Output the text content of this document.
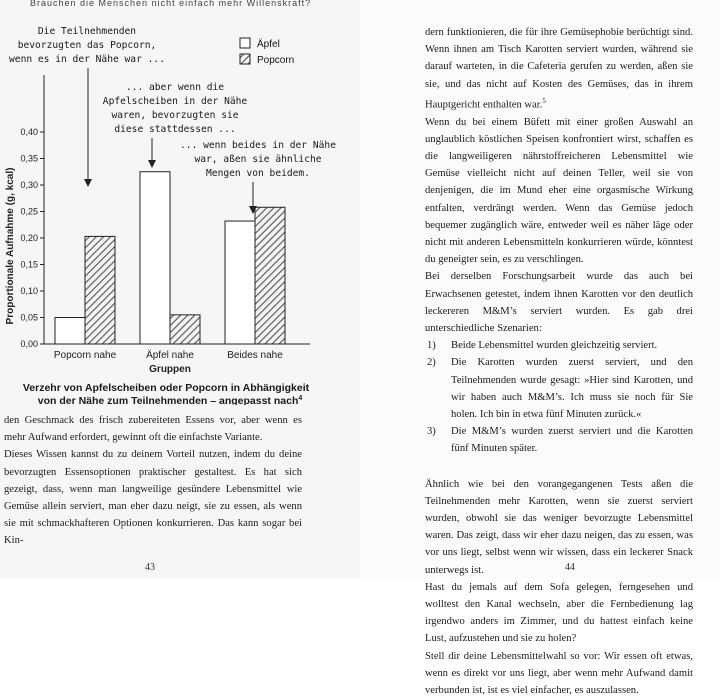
Brauchen die Menschen nicht einfach mehr Willenskraft?
Proportionale Aufnahme (g, kcal)
0,00
0,05
0,10
0,15
0,20
0,25
0,30
0,35
0,40
Popcorn nahe	Äpfel nahe	Beides nahe
Gruppen
Äpfel
Popcorn
Die Teilnehmenden
bevorzugten das Popcorn,
wenn es in der Nähe war ...
... aber wenn die
Apfelscheiben in der Nähe
waren, bevorzugten sie
diese stattdessen ...
... wenn beides in der Nähe
war, aßen sie ähnliche
Mengen von beidem.
Verzehr von Apfelscheiben oder Popcorn in Abhängigkeit
von der Nähe zum Teilnehmenden – angepasst nach$^4$

den Geschmack des frisch zubereiteten Essens vor, aber wenn es mehr Aufwand erfordert, gewinnt oft die einfachste Variante.

Dieses Wissen kannst du zu deinem Vorteil nutzen, indem du deine bevorzugten Essensoptionen praktischer gestaltest. Es hat sich gezeigt, dass, wenn man langweilige gesündere Lebensmittel wie Gemüse allein serviert, man eher dazu neigt, sie zu essen, als wenn sie mit schmackhafteren Optionen konkurrieren. Das kann sogar bei Kin-

43

dern funktionieren, die für ihre Gemüsephobie berüchtigt sind. Wenn ihnen am Tisch Karotten serviert wurden, während sie darauf warteten, in die Cafeteria gerufen zu werden, aßen sie sie, und das nicht auf Kosten des Gemüses, das in ihrem Hauptgericht enthalten war.$^5$

Wenn du bei einem Büfett mit einer großen Auswahl an unglaublich köstlichen Speisen konfrontiert wirst, schaffen es die langweiligeren nährstoffreicheren Lebensmittel wie Gemüse vielleicht nicht auf deinen Teller, weil sie von denjenigen, die im Mund eher eine orgasmische Wirkung entfalten, verdrängt werden. Wenn das Gemüse jedoch bequemer zugänglich wäre, entweder weil es näher läge oder nicht mit anderen Lebensmitteln konkurrieren würde, könntest du geneigter sein, es zu verschlingen.

Bei derselben Forschungsarbeit wurde das auch bei Erwachsenen getestet, indem ihnen Karotten vor den deutlich leckereren M&M’s serviert wurden. Es gab drei unterschiedliche Szenarien:

1) Beide Lebensmittel wurden gleichzeitig serviert.
2) Die Karotten wurden zuerst serviert, und den Teilnehmenden wurde gesagt: »Hier sind Karotten, und wir haben auch M&M’s. Ich muss sie noch für Sie holen. Ich bin in etwa fünf Minuten zurück.«
3) Die M&M’s wurden zuerst serviert und die Karotten fünf Minuten später.

Ähnlich wie bei den vorangegangenen Tests aßen die Teilnehmenden mehr Karotten, wenn sie zuerst serviert wurden, obwohl sie das weniger bevorzugte Lebensmittel waren. Das zeigt, dass wir eher dazu neigen, das zu essen, was vor uns liegt, selbst wenn wir wissen, dass ein leckerer Snack unterwegs ist.

Hast du jemals auf dem Sofa gelegen, ferngesehen und wolltest den Kanal wechseln, aber die Fernbedienung lag irgendwo anders im Zimmer, und du hattest einfach keine Lust, aufzustehen und sie zu holen?

Stell dir deine Lebensmittelwahl so vor: Wir essen oft etwas, wenn es direkt vor uns liegt, aber wenn mehr Aufwand damit verbunden ist, ist es viel einfacher, es auszulassen.

44
